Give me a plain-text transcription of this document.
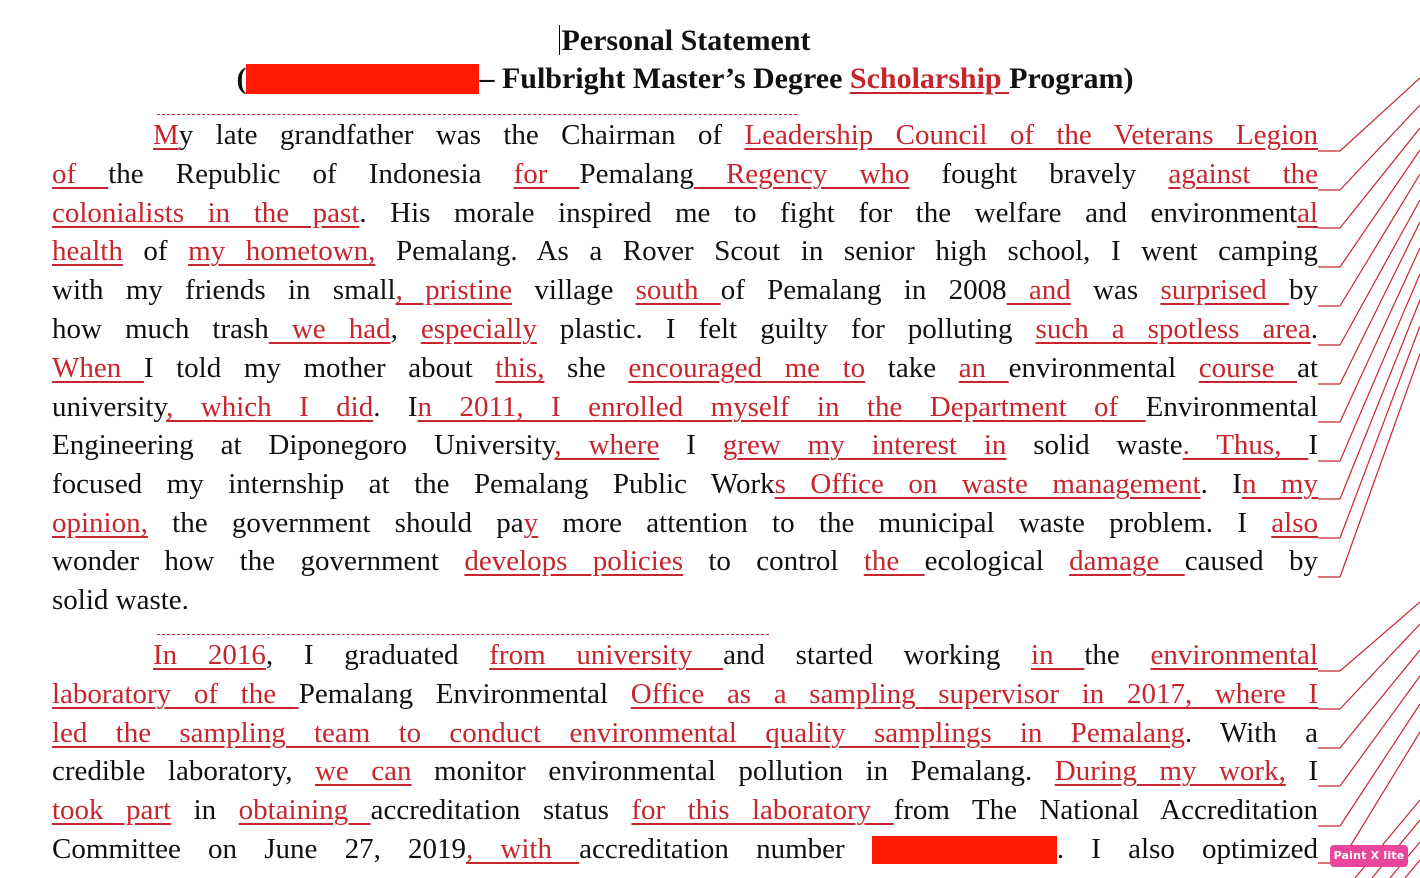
Personal Statement
(	– Fulbright Master’s Degree Scholarship Program)
My late grandfather was the Chairman of Leadership Council of the Veterans Legion
of the Republic of Indonesia for Pemalang Regency who fought bravely against the
colonialists in the past. His morale inspired me to fight for the welfare and environmental
health of my hometown, Pemalang. As a Rover Scout in senior high school, I went camping
with my friends in small, pristine village south of Pemalang in 2008 and was surprised by
how much trash we had, especially plastic. I felt guilty for polluting such a spotless area.
When I told my mother about this, she encouraged me to take an environmental course at
university, which I did. In 2011, I enrolled myself in the Department of Environmental
Engineering at Diponegoro University, where I grew my interest in solid waste. Thus, I
focused my internship at the Pemalang Public Works Office on waste management. In my
opinion, the government should pay more attention to the municipal waste problem. I also
wonder how the government develops policies to control the ecological damage caused by
solid waste.
In 2016, I graduated from university and started working in the environmental
laboratory of the Pemalang Environmental Office as a sampling supervisor in 2017, where I
led the sampling team to conduct environmental quality samplings in Pemalang. With a
credible laboratory, we can monitor environmental pollution in Pemalang. During my work, I
took part in obtaining accreditation status for this laboratory from The National Accreditation
Committee on June 27, 2019, with accreditation number	. I also optimized	Paint X lite
